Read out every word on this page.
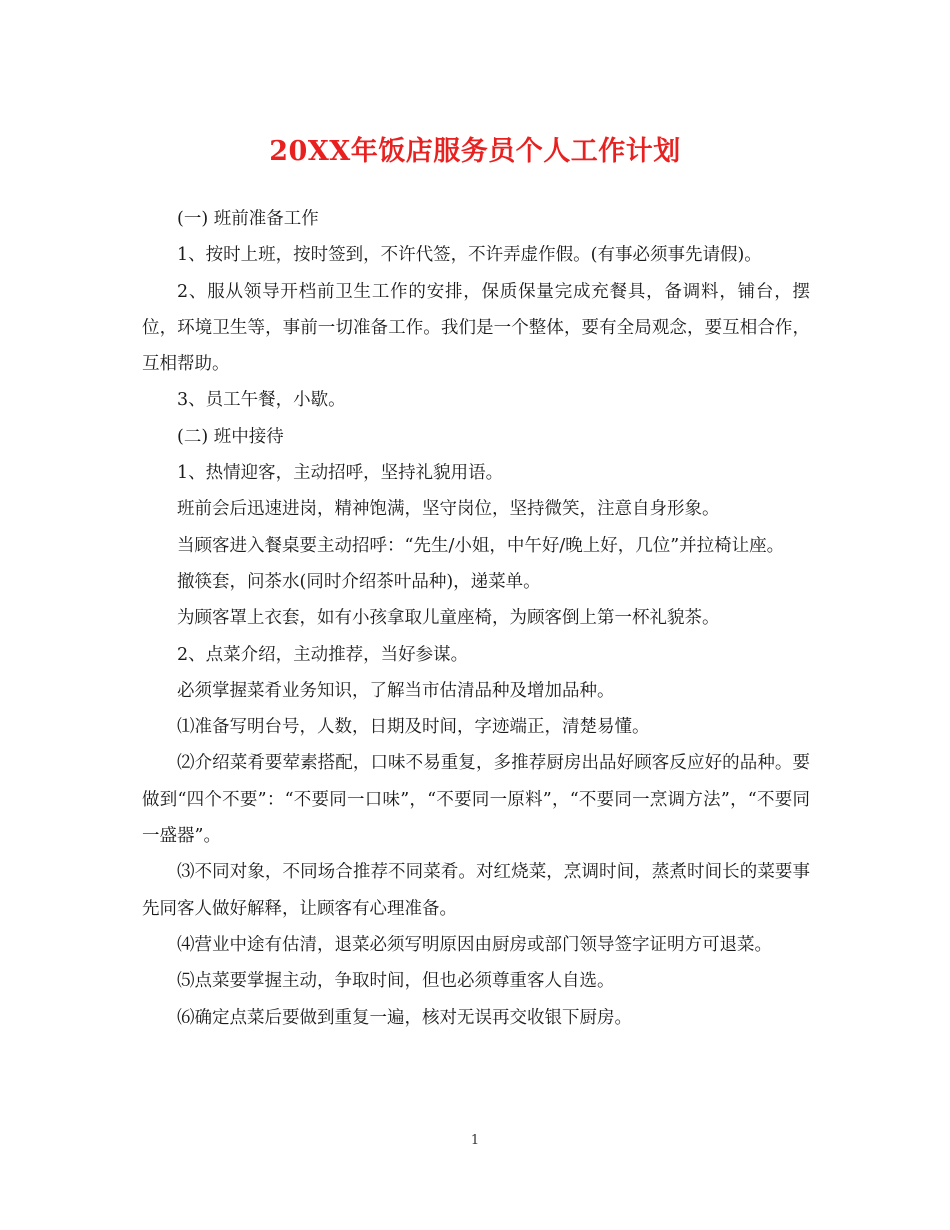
20XX年饭店服务员个人工作计划

(一) 班前准备工作

1、按时上班，按时签到，不许代签，不许弄虚作假。(有事必须事先请假)。

2、服从领导开档前卫生工作的安排，保质保量完成充餐具，备调料，铺台，摆位，环境卫生等，事前一切准备工作。我们是一个整体，要有全局观念，要互相合作，互相帮助。

3、员工午餐，小歇。

(二) 班中接待

1、热情迎客，主动招呼，坚持礼貌用语。

班前会后迅速进岗，精神饱满，坚守岗位，坚持微笑，注意自身形象。

当顾客进入餐桌要主动招呼：“先生/小姐，中午好/晚上好，几位”并拉椅让座。

撤筷套，问茶水(同时介绍茶叶品种)，递菜单。

为顾客罩上衣套，如有小孩拿取儿童座椅，为顾客倒上第一杯礼貌茶。

2、点菜介绍，主动推荐，当好参谋。

必须掌握菜肴业务知识，了解当市估清品种及增加品种。

⑴准备写明台号，人数，日期及时间，字迹端正，清楚易懂。

⑵介绍菜肴要荤素搭配，口味不易重复，多推荐厨房出品好顾客反应好的品种。要做到“四个不要”：“不要同一口味”，“不要同一原料”，“不要同一烹调方法”，“不要同一盛器”。

⑶不同对象，不同场合推荐不同菜肴。对红烧菜，烹调时间，蒸煮时间长的菜要事先同客人做好解释，让顾客有心理准备。

⑷营业中途有估清，退菜必须写明原因由厨房或部门领导签字证明方可退菜。

⑸点菜要掌握主动，争取时间，但也必须尊重客人自选。

⑹确定点菜后要做到重复一遍，核对无误再交收银下厨房。

1
